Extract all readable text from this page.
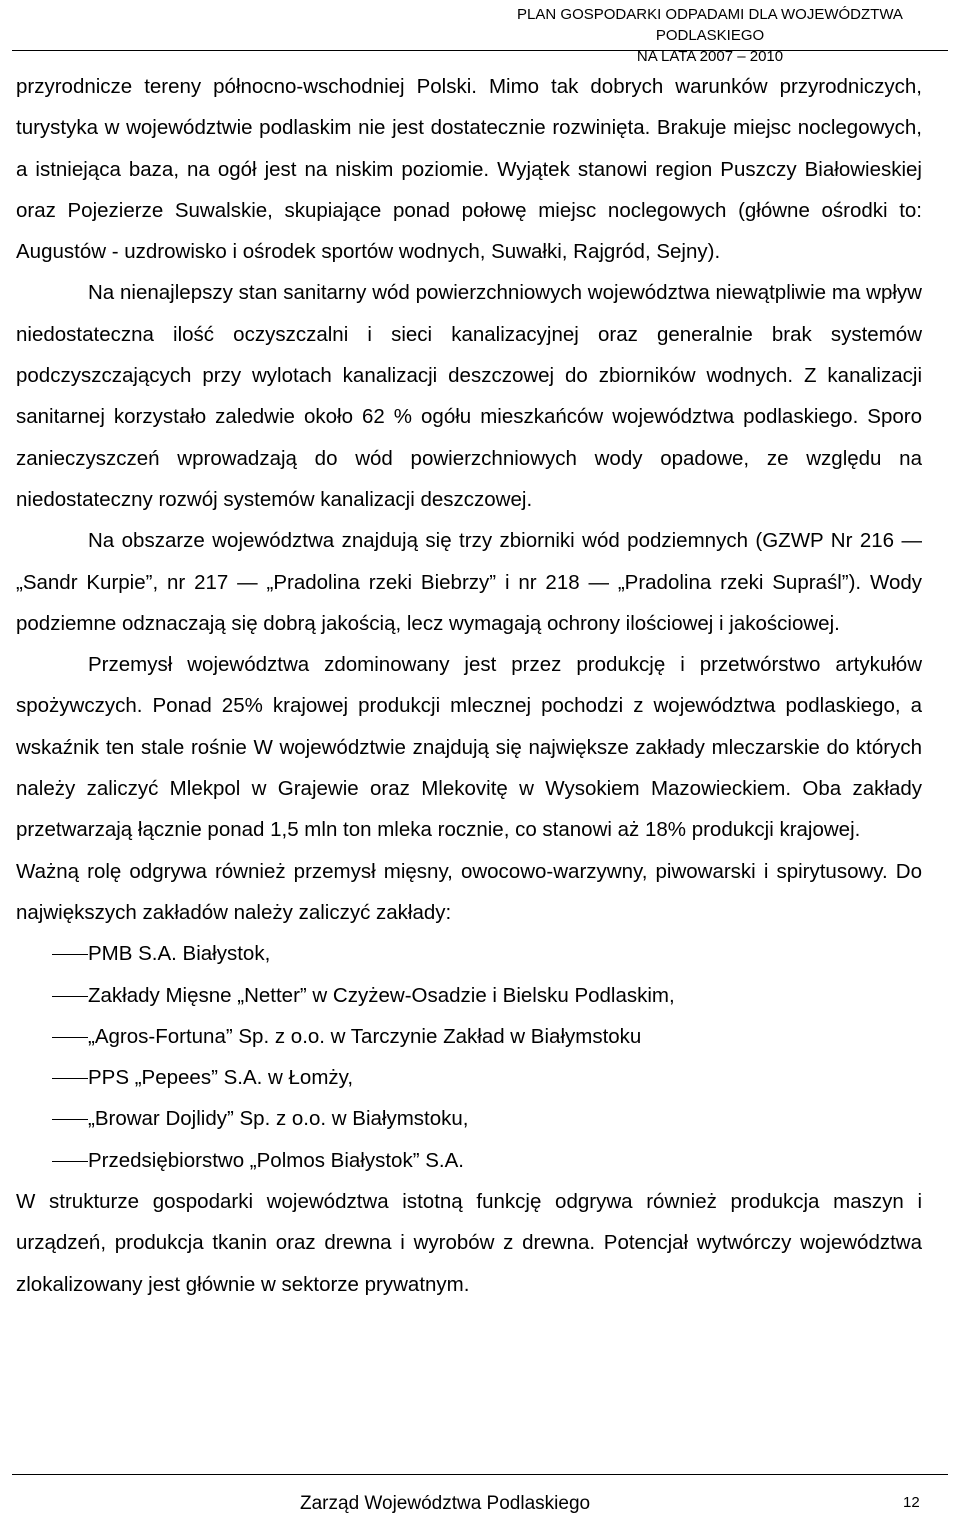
PLAN GOSPODARKI ODPADAMI DLA WOJEWÓDZTWA PODLASKIEGO
NA LATA 2007 – 2010

przyrodnicze tereny północno-wschodniej Polski. Mimo tak dobrych warunków przyrodniczych, turystyka w województwie podlaskim nie jest dostatecznie rozwinięta. Brakuje miejsc noclegowych, a istniejąca baza, na ogół jest na niskim poziomie. Wyjątek stanowi region Puszczy Białowieskiej oraz Pojezierze Suwalskie, skupiające ponad połowę miejsc noclegowych (główne ośrodki to: Augustów - uzdrowisko i ośrodek sportów wodnych, Suwałki, Rajgród, Sejny).

Na nienajlepszy stan sanitarny wód powierzchniowych województwa niewątpliwie ma wpływ niedostateczna ilość oczyszczalni i sieci kanalizacyjnej oraz generalnie brak systemów podczyszczających przy wylotach kanalizacji deszczowej do zbiorników wodnych. Z kanalizacji sanitarnej korzystało zaledwie około 62 % ogółu mieszkańców województwa podlaskiego. Sporo zanieczyszczeń wprowadzają do wód powierzchniowych wody opadowe, ze względu na niedostateczny rozwój systemów kanalizacji deszczowej.

Na obszarze województwa znajdują się trzy zbiorniki wód podziemnych (GZWP Nr 216 — „Sandr Kurpie”, nr 217 — „Pradolina rzeki Biebrzy” i nr 218 — „Pradolina rzeki Supraśl”). Wody podziemne odznaczają się dobrą jakością, lecz wymagają ochrony ilościowej i jakościowej.

Przemysł województwa zdominowany jest przez produkcję i przetwórstwo artykułów spożywczych. Ponad 25% krajowej produkcji mlecznej pochodzi z województwa podlaskiego, a wskaźnik ten stale rośnie W województwie znajdują się największe zakłady mleczarskie do których należy zaliczyć Mlekpol w Grajewie oraz Mlekovitę w Wysokiem Mazowieckiem. Oba zakłady przetwarzają łącznie ponad 1,5 mln ton mleka rocznie, co stanowi aż 18% produkcji krajowej.

Ważną rolę odgrywa również przemysł mięsny, owocowo-warzywny, piwowarski i spirytusowy. Do największych zakładów należy zaliczyć zakłady:

PMB S.A. Białystok,
Zakłady Mięsne „Netter” w Czyżew-Osadzie i Bielsku Podlaskim,
„Agros-Fortuna” Sp. z o.o. w Tarczynie Zakład w Białymstoku
PPS „Pepees” S.A. w Łomży,
„Browar Dojlidy” Sp. z o.o. w Białymstoku,
Przedsiębiorstwo „Polmos Białystok” S.A.

W strukturze gospodarki województwa istotną funkcję odgrywa również produkcja maszyn i urządzeń, produkcja tkanin oraz drewna i wyrobów z drewna. Potencjał wytwórczy województwa zlokalizowany jest głównie w sektorze prywatnym.

Zarząd Województwa Podlaskiego	12
